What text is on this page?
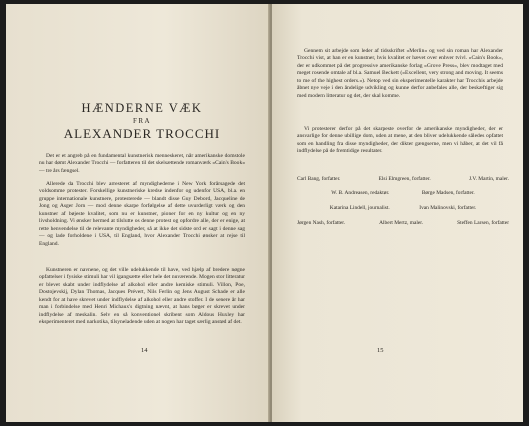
HÆNDERNE VÆK
FRA
ALEXANDER TROCCHI
Det er et angreb på en fundamental kunstnerisk menneskeret, når amerikanske domstole nu har dømt Alexander Trocchi — forfatteren til det skelsættende romanværk »Cain's Book« — tre års fængsel.
Allerede da Trocchi blev arresteret af myndighederne i New York forårsagede det voldsomme protester. Forskellige kunstneriske kredse indenfor og udenfor USA, bl.a. en gruppe internationale kunstnere, protesterede — blandt disse Guy Debord, Jacqueline de Jong og Asger Jorn — mod denne skarpe forfølgelse af dette uvurderligt værk og den kunstner af bøjeste kvalitet, som nu er kunstner, pioner for en ny kultur og en ny livsholdning. Vi ønsker hermed at tilslutte os denne protest og opfordre alle, der er enige, at rette henvendelse til de relevante myndigheder, så at ikke det sidste ord er sagt i denne sag — og lade forholdene i USA, til England, hvor Alexander Trocchi ønsker at rejse til England.
Kunstneren er navnene, og det ville udelukkende til have, ved hjælp af bredere nøgne opfattelser i fysiske stimuli har vil igangsætte eller hele det nuværende. Mogen stor litteratur er blevet skabt under indflydelse af alkohol eller andre kemiske stimuli. Villon, Poe, Dostojevskij, Dylan Thomas, Jacques Prévert, Nils Ferlin og Jens August Schade er alle kendt for at have skrevet under indflydelse af alkohol eller andre stoffer. I de senere år har man i forbindelse med Henri Michaux's digtning nævnt, at hans bøger er skrevet under indflydelse af meskalin. Selv en så konventionel skribent som Aldous Huxley har eksperimenteret med narkotika, tilsyneladende uden at nogen har taget særlig anstød af det.
14
Gennem sit arbejde som leder af tidsskriftet »Merlin« og ved sin roman har Alexander Trocchi vist, at han er en kunstner, hvis kvalitet er hævet over enhver tvivl. »Cain's Book«, der er udkommet på det progressive amerikanske forlag »Grove Press«, blev modtaget med meget rosende omtale af bl.a. Samuel Beckett (»Excellent, very strong and moving. It seems to me of the highest orders.«). Netop ved sin eksperimentelle karakter har Trocchis arbejde åbnet nye veje i den åndelige udvikling og kunne derfor anbefales alle, der beskæftiger sig med modern litteratur og det, der skal komme.
Vi protesterer derfor på det skarpeste overfor de amerikanske myndigheder, der er ansvarlige for denne ubillige dom, uden at mene, at den bliver udelukkende således opfattet som en handling fra disse myndigheder, der dikter gængserne, men vi håber, at det vil få indflydelse på de fremtidige resultater.
Carl Bang, forfatter.	Elsi Elmgreen, forfatter.	J.V. Martin, maler.
W. B. Andreasen, redaktør.	Børge Madsen, forfatter.
Katarina Lindell, journalist.	Ivan Malinovski, forfatter.
Jørgen Nash, forfatter.	Albert Mertz, maler.	Steffen Larsen, forfatter
15
